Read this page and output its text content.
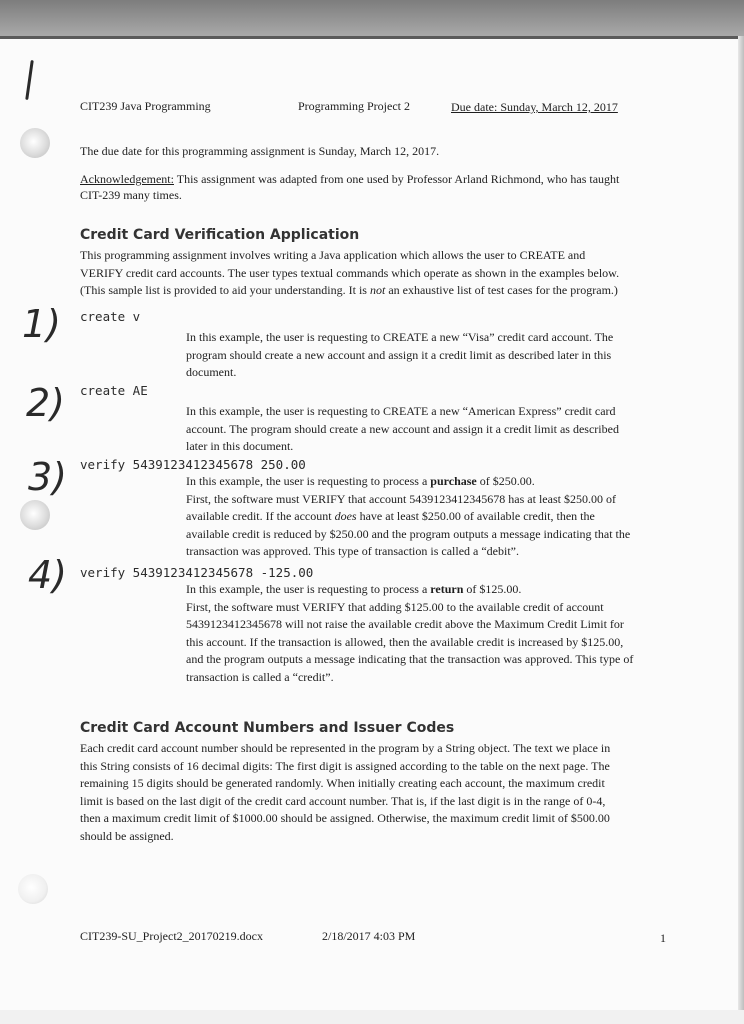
1)
2)
3)
4)
CIT239 Java Programming	Programming Project 2	Due date: Sunday, March 12, 2017
The due date for this programming assignment is Sunday, March 12, 2017.
Acknowledgement: This assignment was adapted from one used by Professor Arland Richmond, who has taught
CIT-239 many times.
Credit Card Verification Application

This programming assignment involves writing a Java application which allows the user to CREATE and

VERIFY credit card accounts. The user types textual commands which operate as shown in the examples below.

(This sample list is provided to aid your understanding. It is not an exhaustive list of test cases for the program.)

create v

In this example, the user is requesting to CREATE a new “Visa” credit card account. The

program should create a new account and assign it a credit limit as described later in this

document.

create AE

In this example, the user is requesting to CREATE a new “American Express” credit card

account. The program should create a new account and assign it a credit limit as described

later in this document.

verify 5439123412345678 250.00

In this example, the user is requesting to process a purchase of $250.00.

First, the software must VERIFY that account 5439123412345678 has at least $250.00 of

available credit. If the account does have at least $250.00 of available credit, then the

available credit is reduced by $250.00 and the program outputs a message indicating that the

transaction was approved. This type of transaction is called a “debit”.

verify 5439123412345678 -125.00

In this example, the user is requesting to process a return of $125.00.

First, the software must VERIFY that adding $125.00 to the available credit of account

5439123412345678 will not raise the available credit above the Maximum Credit Limit for

this account. If the transaction is allowed, then the available credit is increased by $125.00,

and the program outputs a message indicating that the transaction was approved. This type of

transaction is called a “credit”.

Credit Card Account Numbers and Issuer Codes

Each credit card account number should be represented in the program by a String object. The text we place in

this String consists of 16 decimal digits: The first digit is assigned according to the table on the next page. The

remaining 15 digits should be generated randomly. When initially creating each account, the maximum credit

limit is based on the last digit of the credit card account number. That is, if the last digit is in the range of 0-4,

then a maximum credit limit of $1000.00 should be assigned. Otherwise, the maximum credit limit of $500.00

should be assigned.

CIT239-SU_Project2_20170219.docx	2/18/2017 4:03 PM	1
